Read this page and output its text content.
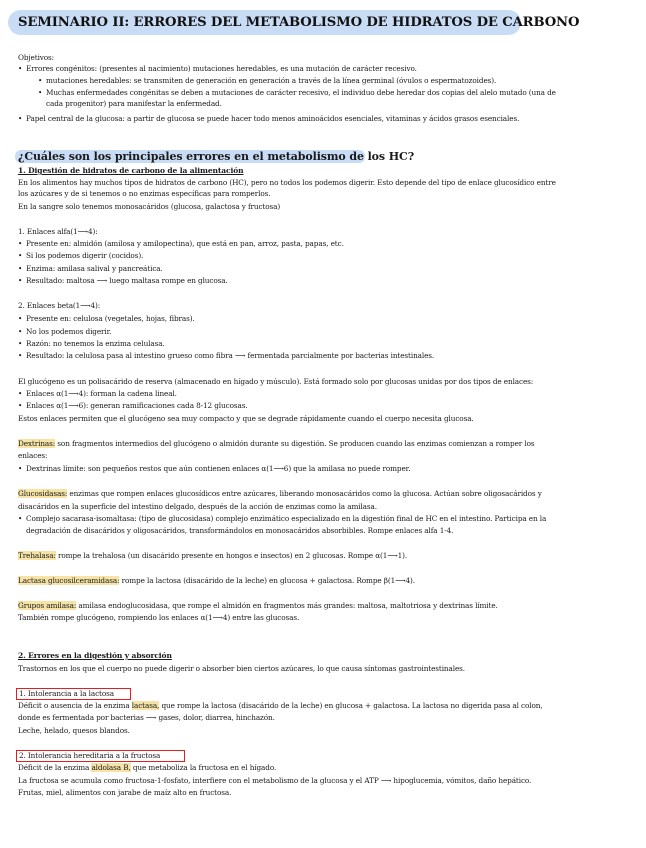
SEMINARIO II: ERRORES DEL METABOLISMO DE HIDRATOS DE CARBONO
Objetivos:
• Errores congénitos: (presentes al nacimiento) mutaciones heredables, es una mutación de carácter recesivo.
• mutaciones heredables: se transmiten de generación en generación a través de la línea germinal (óvulos o espermatozoides).
• Muchas enfermedades congénitas se deben a mutaciones de carácter recesivo, el individuo debe heredar dos copias del alelo mutado (una de
cada progenitor) para manifestar la enfermedad.
• Papel central de la glucosa: a partir de glucosa se puede hacer todo menos aminoácidos esenciales, vitaminas y ácidos grasos esenciales.
¿Cuáles son los principales errores en el metabolismo de los HC?
1. Digestión de hidratos de carbono de la alimentación
En los alimentos hay muchos tipos de hidratos de carbono (HC), pero no todos los podemos digerir. Esto depende del tipo de enlace glucosídico entre
los azúcares y de si tenemos o no enzimas específicas para romperlos.
En la sangre solo tenemos monosacáridos (glucosa, galactosa y fructosa)
1. Enlaces alfa(1⟶4):
• Presente en: almidón (amilosa y amilopectina), que está en pan, arroz, pasta, papas, etc.
• Si los podemos digerir (cocidos).
• Enzima: amilasa salival y pancreática.
• Resultado: maltosa ⟶ luego maltasa rompe en glucosa.
2. Enlaces beta(1⟶4):
• Presente en: celulosa (vegetales, hojas, fibras).
• No los podemos digerir.
• Razón: no tenemos la enzima celulasa.
• Resultado: la celulosa pasa al intestino grueso como fibra ⟶ fermentada parcialmente por bacterias intestinales.
El glucógeno es un polisacárido de reserva (almacenado en hígado y músculo). Está formado solo por glucosas unidas por dos tipos de enlaces:
• Enlaces α(1⟶4): forman la cadena lineal.
• Enlaces α(1⟶6): generan ramificaciones cada 8-12 glucosas.
Estos enlaces permiten que el glucógeno sea muy compacto y que se degrade rápidamente cuando el cuerpo necesita glucosa.
Dextrinas: son fragmentos intermedios del glucógeno o almidón durante su digestión. Se producen cuando las enzimas comienzan a romper los
enlaces:
• Dextrinas límite: son pequeños restos que aún contienen enlaces α(1⟶6) que la amilasa no puede romper.
Glucosidasas: enzimas que rompen enlaces glucosídicos entre azúcares, liberando monosacáridos como la glucosa. Actúan sobre oligosacáridos y
disacáridos en la superficie del intestino delgado, después de la acción de enzimas como la amilasa.
• Complejo sacarasa-isomaltasa: (tipo de glucosidasa) complejo enzimático especializado en la digestión final de HC en el intestino. Participa en la
degradación de disacáridos y oligosacáridos, transformándolos en monosacáridos absorbibles. Rompe enlaces alfa 1-4.
Trehalasa: rompe la trehalosa (un disacárido presente en hongos e insectos) en 2 glucosas. Rompe α(1⟶1).
Lactasa glucosilceramidasa: rompe la lactosa (disacárido de la leche) en glucosa + galactosa. Rompe β(1⟶4).
Grupos amilasa: amilasa endoglucosidasa, que rompe el almidón en fragmentos más grandes: maltosa, maltotriosa y dextrinas límite.
También rompe glucógeno, rompiendo los enlaces α(1⟶4) entre las glucosas.
2. Errores en la digestión y absorción
Trastornos en los que el cuerpo no puede digerir o absorber bien ciertos azúcares, lo que causa síntomas gastrointestinales.
1. Intolerancia a la lactosa
Déficit o ausencia de la enzima lactasa, que rompe la lactosa (disacárido de la leche) en glucosa + galactosa. La lactosa no digerida pasa al colon,
donde es fermentada por bacterias ⟶ gases, dolor, diarrea, hinchazón.
Leche, helado, quesos blandos.
2. Intolerancia hereditaria a la fructosa
Déficit de la enzima aldolasa B, que metaboliza la fructosa en el hígado.
La fructosa se acumula como fructosa-1-fosfato, interfiere con el metabolismo de la glucosa y el ATP ⟶ hipoglucemia, vómitos, daño hepático.
Frutas, miel, alimentos con jarabe de maíz alto en fructosa.
